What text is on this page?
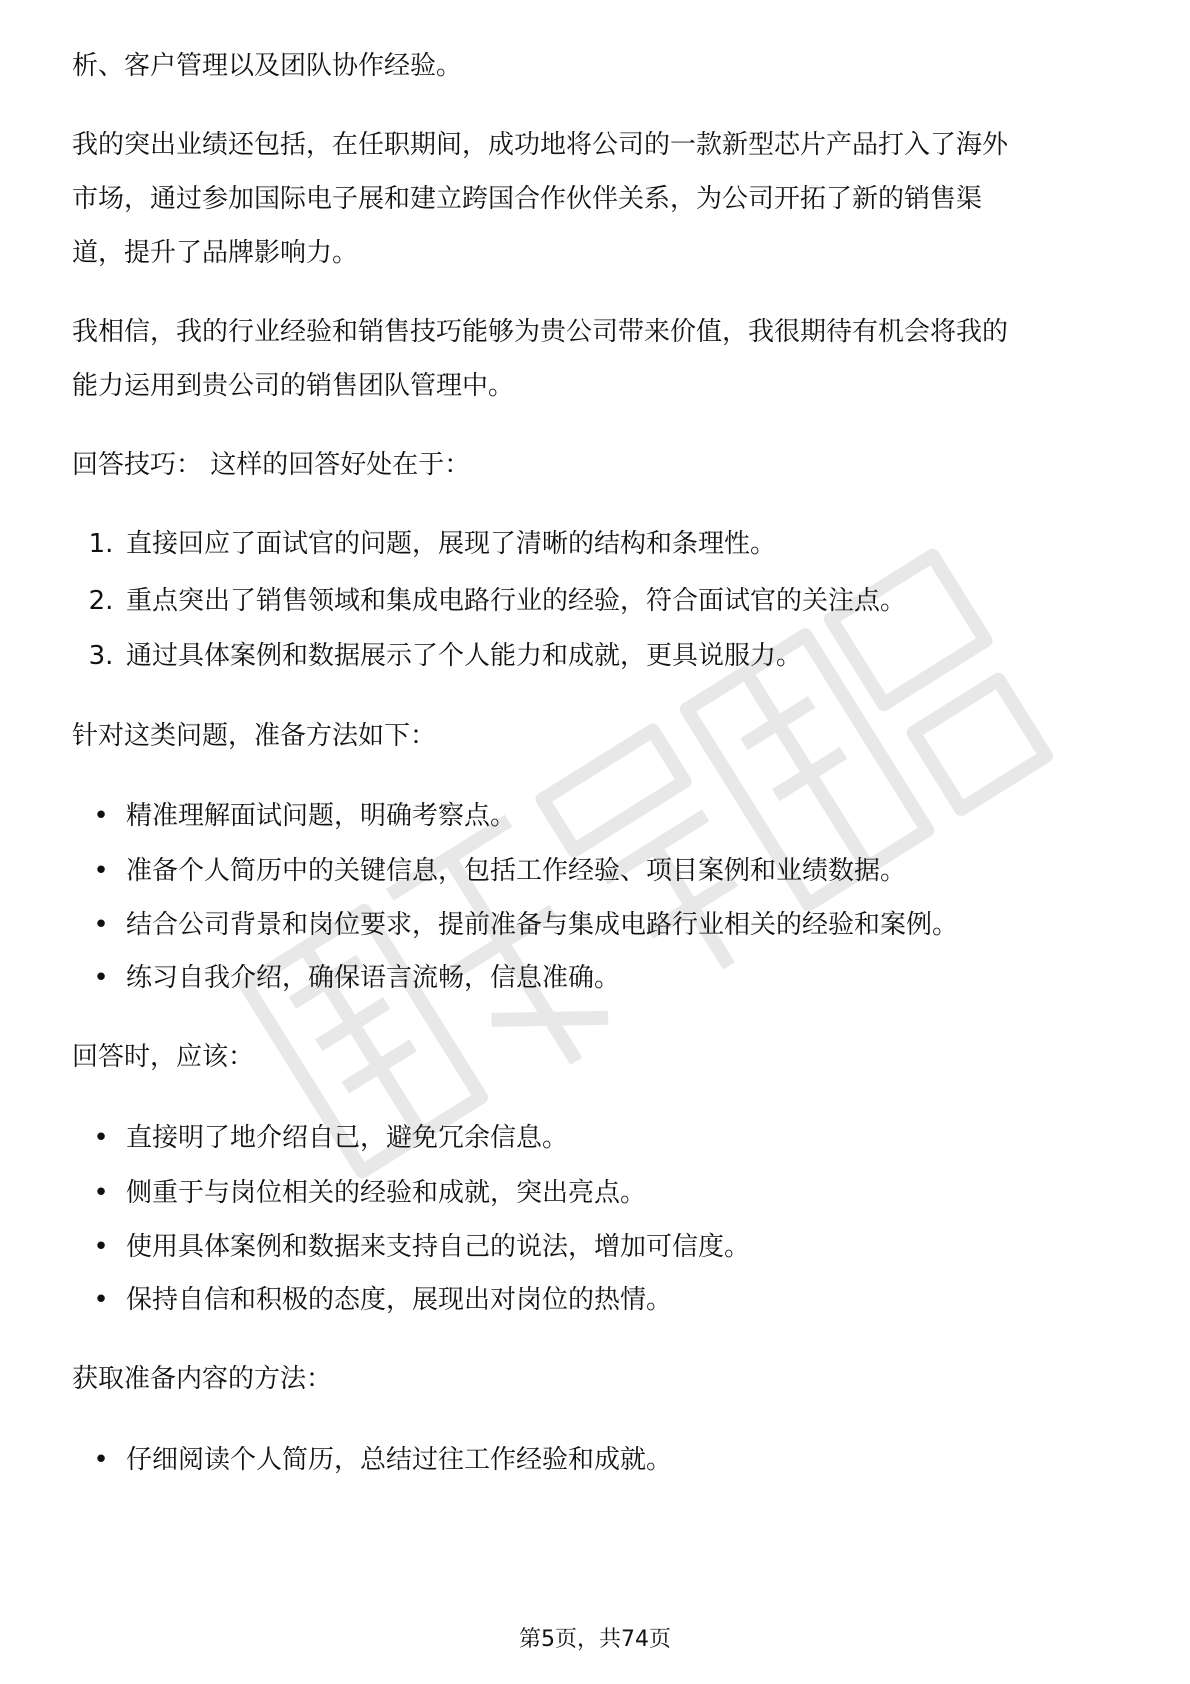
析、客户管理以及团队协作经验。

我的突出业绩还包括，在任职期间，成功地将公司的一款新型芯片产品打入了海外

市场，通过参加国际电子展和建立跨国合作伙伴关系，为公司开拓了新的销售渠

道，提升了品牌影响力。

我相信，我的行业经验和销售技巧能够为贵公司带来价值，我很期待有机会将我的

能力运用到贵公司的销售团队管理中。

回答技巧： 这样的回答好处在于：

1. 直接回应了面试官的问题，展现了清晰的结构和条理性。
2. 重点突出了销售领域和集成电路行业的经验，符合面试官的关注点。
3. 通过具体案例和数据展示了个人能力和成就，更具说服力。

针对这类问题，准备方法如下：

• 精准理解面试问题，明确考察点。
• 准备个人简历中的关键信息，包括工作经验、项目案例和业绩数据。
• 结合公司背景和岗位要求，提前准备与集成电路行业相关的经验和案例。
• 练习自我介绍，确保语言流畅，信息准确。

回答时，应该：

• 直接明了地介绍自己，避免冗余信息。
• 侧重于与岗位相关的经验和成就，突出亮点。
• 使用具体案例和数据来支持自己的说法，增加可信度。
• 保持自信和积极的态度，展现出对岗位的热情。

获取准备内容的方法：

• 仔细阅读个人简历，总结过往工作经验和成就。
第5页，共74页
